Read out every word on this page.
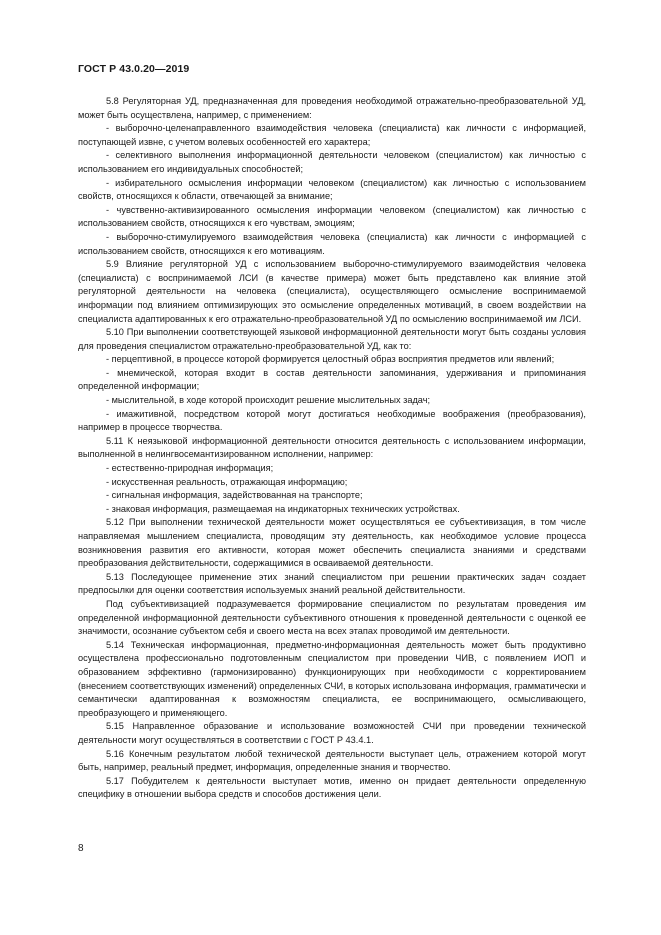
ГОСТ Р 43.0.20—2019

5.8 Регуляторная УД, предназначенная для проведения необходимой отражательно-преобразовательной УД, может быть осуществлена, например, с применением:

- выборочно-целенаправленного взаимодействия человека (специалиста) как личности с информацией, поступающей извне, с учетом волевых особенностей его характера;

- селективного выполнения информационной деятельности человеком (специалистом) как личностью с использованием его индивидуальных способностей;

- избирательного осмысления информации человеком (специалистом) как личностью с использованием свойств, относящихся к области, отвечающей за внимание;

- чувственно-активизированного осмысления информации человеком (специалистом) как личностью с использованием свойств, относящихся к его чувствам, эмоциям;

- выборочно-стимулируемого взаимодействия человека (специалиста) как личности с информацией с использованием свойств, относящихся к его мотивациям.

5.9 Влияние регуляторной УД с использованием выборочно-стимулируемого взаимодействия человека (специалиста) с воспринимаемой ЛСИ (в качестве примера) может быть представлено как влияние этой регуляторной деятельности на человека (специалиста), осуществляющего осмысление воспринимаемой информации под влиянием оптимизирующих это осмысление определенных мотиваций, в своем воздействии на специалиста адаптированных к его отражательно-преобразовательной УД по осмыслению воспринимаемой им ЛСИ.

5.10 При выполнении соответствующей языковой информационной деятельности могут быть созданы условия для проведения специалистом отражательно-преобразовательной УД, как то:

- перцептивной, в процессе которой формируется целостный образ восприятия предметов или явлений;

- мнемической, которая входит в состав деятельности запоминания, удерживания и припоминания определенной информации;

- мыслительной, в ходе которой происходит решение мыслительных задач;

- имажитивной, посредством которой могут достигаться необходимые воображения (преобразования), например в процессе творчества.

5.11 К неязыковой информационной деятельности относится деятельность с использованием информации, выполненной в нелингвосемантизированном исполнении, например:

- естественно-природная информация;

- искусственная реальность, отражающая информацию;

- сигнальная информация, задействованная на транспорте;

- знаковая информация, размещаемая на индикаторных технических устройствах.

5.12 При выполнении технической деятельности может осуществляться ее субъективизация, в том числе направляемая мышлением специалиста, проводящим эту деятельность, как необходимое условие процесса возникновения развития его активности, которая может обеспечить специалиста знаниями и средствами преобразования действительности, содержащимися в осваиваемой деятельности.

5.13 Последующее применение этих знаний специалистом при решении практических задач создает предпосылки для оценки соответствия используемых знаний реальной действительности.

Под субъективизацией подразумевается формирование специалистом по результатам проведения им определенной информационной деятельности субъективного отношения к проведенной деятельности с оценкой ее значимости, осознание субъектом себя и своего места на всех этапах проводимой им деятельности.

5.14 Техническая информационная, предметно-информационная деятельность может быть продуктивно осуществлена профессионально подготовленным специалистом при проведении ЧИВ, с появлением ИОП и образованием эффективно (гармонизированно) функционирующих при необходимости с корректированием (внесением соответствующих изменений) определенных СЧИ, в которых использована информация, грамматически и семантически адаптированная к возможностям специалиста, ее воспринимающего, осмысливающего, преобразующего и применяющего.

5.15 Направленное образование и использование возможностей СЧИ при проведении технической деятельности могут осуществляться в соответствии с ГОСТ Р 43.4.1.

5.16 Конечным результатом любой технической деятельности выступает цель, отражением которой могут быть, например, реальный предмет, информация, определенные знания и творчество.

5.17 Побудителем к деятельности выступает мотив, именно он придает деятельности определенную специфику в отношении выбора средств и способов достижения цели.

8
